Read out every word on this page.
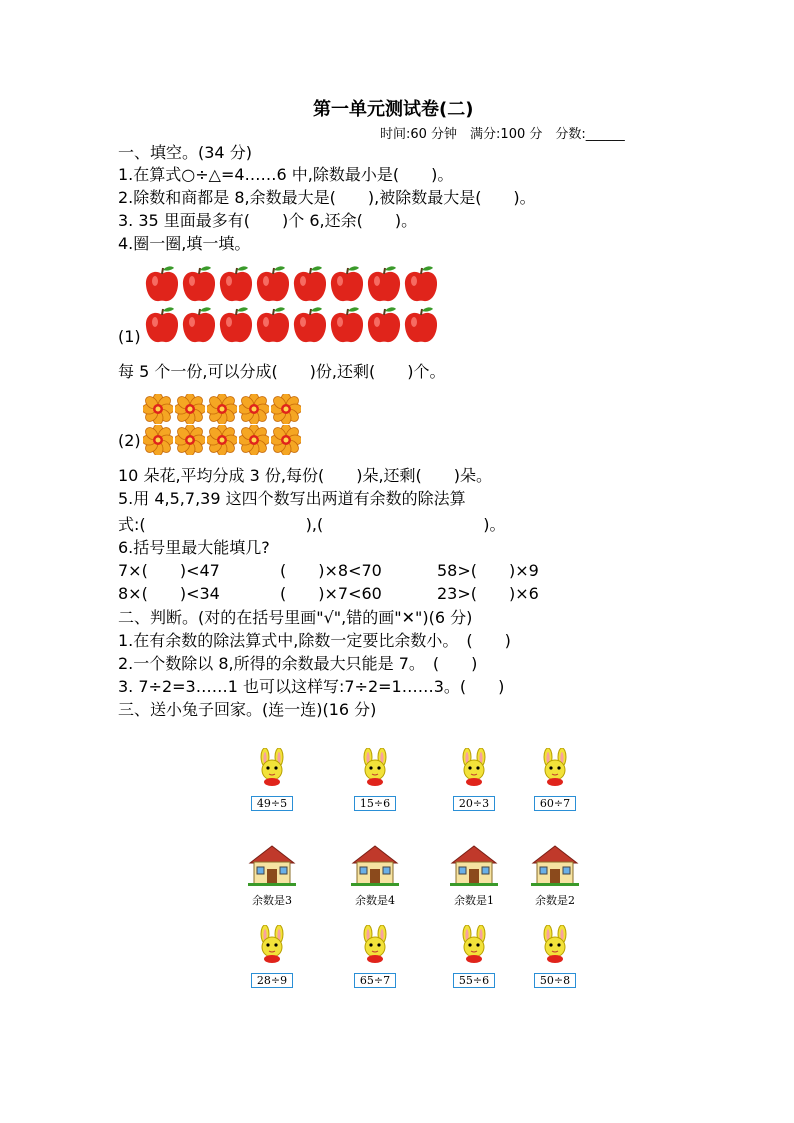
第一单元测试卷(二)
时间:60 分钟　满分:100 分　分数:______
一、填空。(34 分)
1.在算式○÷△=4……6 中,除数最小是(　　)。
2.除数和商都是 8,余数最大是(　　),被除数最大是(　　)。
3. 35 里面最多有(　　)个 6,还余(　　)。
4.圈一圈,填一填。
(1)
每 5 个一份,可以分成(　　)份,还剩(　　)个。
(2)
10 朵花,平均分成 3 份,每份(　　)朵,还剩(　　)朵。
5.用 4,5,7,39 这四个数写出两道有余数的除法算
式:(　　　　　　　　　　),(　　　　　　　　　　)。
6.括号里最大能填几?
7×(　　)<47	(　　)×8<70	58>(　　)×9
8×(　　)<34	(　　)×7<60	23>(　　)×6
二、判断。(对的在括号里画"√",错的画"✕")(6 分)
1.在有余数的除法算式中,除数一定要比余数小。　(　　)
2.一个数除以 8,所得的余数最大只能是 7。　(　　)
3. 7÷2=3……1 也可以这样写:7÷2=1……3。(　　)
三、送小兔子回家。(连一连)(16 分)
49÷5	15÷6	20÷3	60÷7
余数是3	余数是4	余数是1	余数是2
28÷9	65÷7	55÷6	50÷8
